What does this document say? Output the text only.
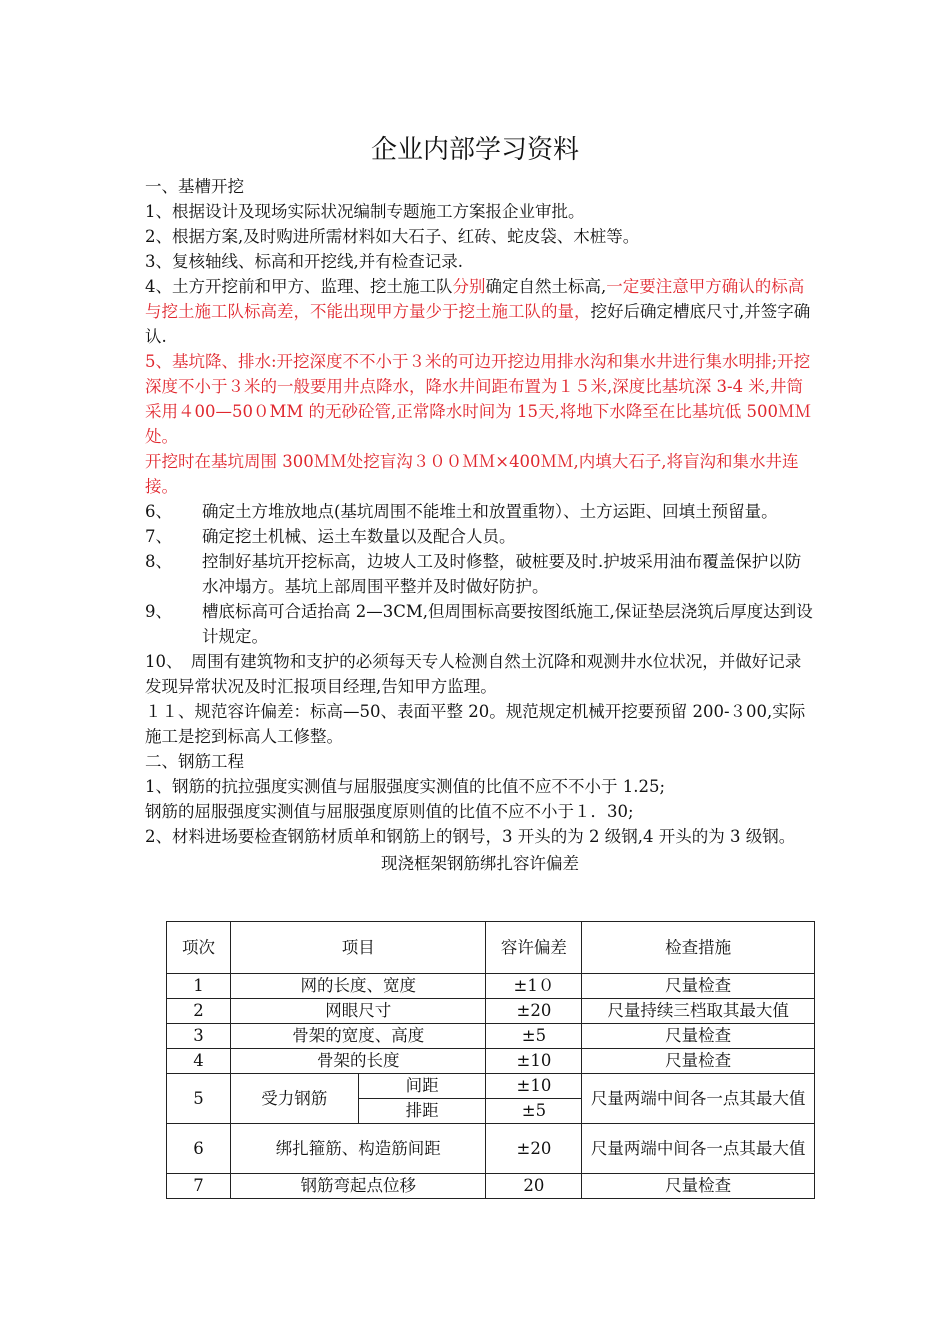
企业内部学习资料

一、基槽开挖

1、根据设计及现场实际状况编制专题施工方案报企业审批。

2、根据方案,及时购进所需材料如大石子、红砖、蛇皮袋、木桩等。

3、复核轴线、标高和开挖线,并有检查记录.

4、土方开挖前和甲方、监理、挖土施工队分别确定自然土标高,一定要注意甲方确认的标高与挖土施工队标高差，不能出现甲方量少于挖土施工队的量，挖好后确定槽底尺寸,并签字确认.

5、基坑降、排水:开挖深度不不小于３米的可边开挖边用排水沟和集水井进行集水明排;开挖深度不小于３米的一般要用井点降水，降水井间距布置为１５米,深度比基坑深 3-4 米,井筒采用４00—50０MM 的无砂砼管,正常降水时间为 15天,将地下水降至在比基坑低 500ＭＭ处。

开挖时在基坑周围 300ＭＭ处挖盲沟３００ＭＭ×400ＭＭ,内填大石子,将盲沟和集水井连接。

6、	确定土方堆放地点(基坑周围不能堆土和放置重物）、土方运距、回填土预留量。
7、	确定挖土机械、运土车数量以及配合人员。
8、	控制好基坑开挖标高，边坡人工及时修整，破桩要及时.护坡采用油布覆盖保护以防水冲塌方。基坑上部周围平整并及时做好防护。
9、	槽底标高可合适抬高 2—3CM,但周围标高要按图纸施工,保证垫层浇筑后厚度达到设计规定。

10、　周围有建筑物和支护的必须每天专人检测自然土沉降和观测井水位状况，并做好记录发现异常状况及时汇报项目经理,告知甲方监理。

１１、规范容许偏差：标高—50、表面平整 20。规范规定机械开挖要预留 200-３00,实际施工是挖到标高人工修整。

二、钢筋工程

1、钢筋的抗拉强度实测值与屈服强度实测值的比值不应不不小于 1.25;

钢筋的屈服强度实测值与屈服强度原则值的比值不应不小于１．30;

2、材料进场要检查钢筋材质单和钢筋上的钢号，3 开头的为 2 级钢,4 开头的为 3 级钢。

现浇框架钢筋绑扎容许偏差
项次	项目		容许偏差	检查措施
1	网的长度、宽度		±1０	尺量检查
2	网眼尺寸		±20	尺量持续三档取其最大值
3	骨架的宽度、高度		±5	尺量检查
4	骨架的长度		±10	尺量检查
5	受力钢筋	间距	±10	尺量两端中间各一点其最大值
		排距	±5	
6	绑扎箍筋、构造筋间距		±20	尺量两端中间各一点其最大值
7	钢筋弯起点位移		20	尺量检查
